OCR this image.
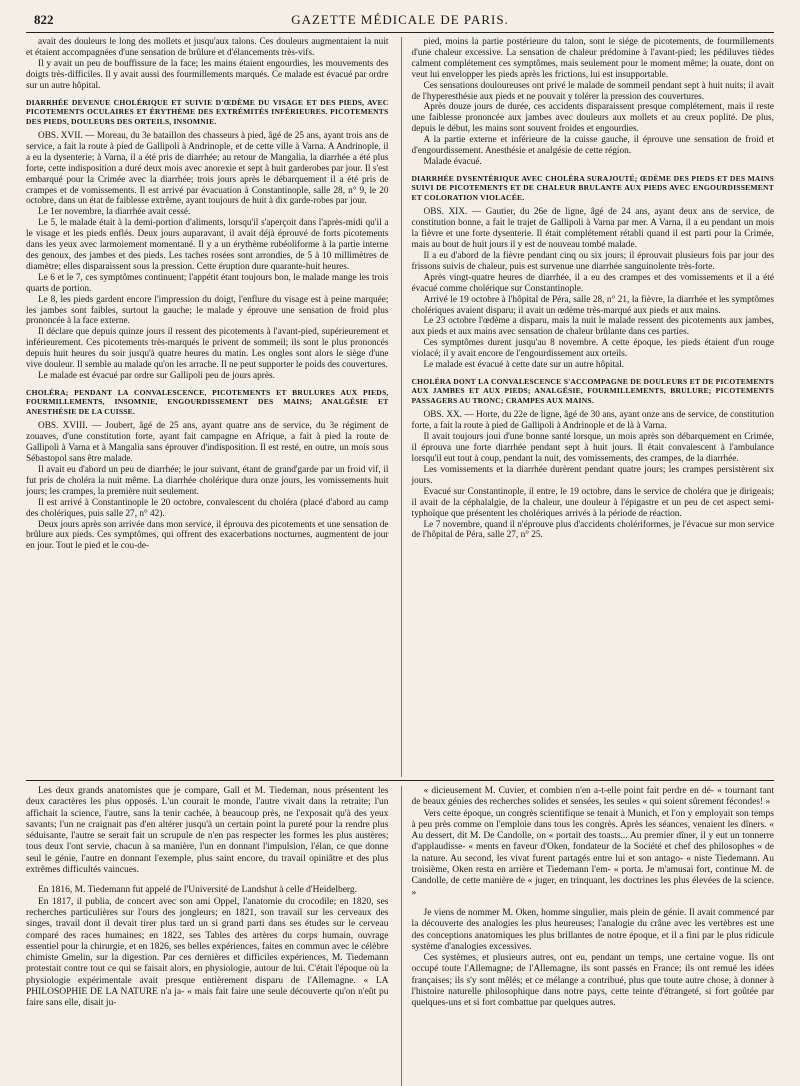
822	GAZETTE MÉDICALE DE PARIS.

avait des douleurs le long des mollets et jusqu'aux talons. Ces douleurs augmentaient la nuit et étaient accompagnées d'une sensation de brûlure et d'élancements très-vifs.

Il y avait un peu de bouffissure de la face; les mains étaient engourdies, les mouvements des doigts très-difficiles. Il y avait aussi des fourmillements marqués. Ce malade est évacué par ordre sur un autre hôpital.

DIARRHÉE DEVENUE CHOLÉRIQUE ET SUIVIE D'ŒDÈME DU VISAGE ET DES PIEDS, AVEC PICOTEMENTS OCULAIRES ET ÉRYTHÈME DES EXTRÉMITÉS INFÉRIEURES. PICOTEMENTS DES PIEDS, DOULEURS DES ORTEILS, INSOMNIE.

OBS. XVII. — Moreau, du 3e bataillon des chasseurs à pied, âgé de 25 ans, ayant trois ans de service, a fait la route à pied de Gallipoli à Andrinople, et de cette ville à Varna. A Andrinople, il a eu la dysenterie; à Varna, il a été pris de diarrhée; au retour de Mangalia, la diarrhée a été plus forte, cette indisposition a duré deux mois avec anorexie et sept à huit garderobes par jour. Il s'est embarqué pour la Crimée avec la diarrhée; trois jours après le débarquement il a été pris de crampes et de vomissements. Il est arrivé par évacuation à Constantinople, salle 28, n° 9, le 20 octobre, dans un état de faiblesse extrême, ayant toujours de huit à dix garde-robes par jour.

Le 1er novembre, la diarrhée avait cessé.

Le 5, le malade était à la demi-portion d'aliments, lorsqu'il s'aperçoit dans l'après-midi qu'il a le visage et les pieds enflés. Deux jours auparavant, il avait déjà éprouvé de forts picotements dans les yeux avec larmoiement momentané. Il y a un érythème rubéoliforme à la partie interne des genoux, des jambes et des pieds. Les taches rosées sont arrondies, de 5 à 10 millimètres de diamètre; elles disparaissent sous la pression. Cette éruption dure quarante-huit heures.

Le 6 et le 7, ces symptômes continuent; l'appétit étant toujours bon, le malade mange les trois quarts de portion.

Le 8, les pieds gardent encore l'impression du doigt, l'enflure du visage est à peine marquée; les jambes sont faibles, surtout la gauche; le malade y éprouve une sensation de froid plus prononcée à la face externe.

Il déclare que depuis quinze jours il ressent des picotements à l'avant-pied, supérieurement et inférieurement. Ces picotements très-marqués le privent de sommeil; ils sont le plus prononcés depuis huit heures du soir jusqu'à quatre heures du matin. Les ongles sont alors le siège d'une vive douleur. Il semble au malade qu'on les arrache. Il ne peut supporter le poids des couvertures.

Le malade est évacué par ordre sur Gallipoli peu de jours après.

CHOLÉRA; PENDANT LA CONVALESCENCE, PICOTEMENTS ET BRULURES AUX PIEDS, FOURMILLEMENTS, INSOMNIE, ENGOURDISSEMENT DES MAINS; ANALGÉSIE ET ANESTHÉSIE DE LA CUISSE.

OBS. XVIII. — Joubert, âgé de 25 ans, ayant quatre ans de service, du 3e régiment de zouaves, d'une constitution forte, ayant fait campagne en Afrique, a fait à pied la route de Gallipoli à Varna et à Mangalia sans éprouver d'indisposition. Il est resté, en outre, un mois sous Sébastopol sans être malade.

Il avait eu d'abord un peu de diarrhée; le jour suivant, étant de grand'garde par un froid vif, il fut pris de choléra la nuit même. La diarrhée cholérique dura onze jours, les vomissements huit jours; les crampes, la première nuit seulement.

Il est arrivé à Constantinople le 20 octobre, convalescent du choléra (placé d'abord au camp des cholériques, puis salle 27, n° 42).

Deux jours après son arrivée dans mon service, il éprouva des picotements et une sensation de brûlure aux pieds. Ces symptômes, qui offrent des exacerbations nocturnes, augmentent de jour en jour. Tout le pied et le cou-de-

pied, moins la partie postérieure du talon, sont le siége de picotements, de fourmillements d'une chaleur excessive. La sensation de chaleur prédomine à l'avant-pied; les pédiluves tièdes calment complétement ces symptômes, mais seulement pour le moment même; la ouate, dont on veut lui envelopper les pieds après les frictions, lui est insupportable.

Ces sensations douloureuses ont privé le malade de sommeil pendant sept à huit nuits; il avait de l'hyperesthésie aux pieds et ne pouvait y tolérer la pression des couvertures.

Après douze jours de durée, ces accidents disparaissent presque complétement, mais il reste une faiblesse prononcée aux jambes avec douleurs aux mollets et au creux poplité. De plus, depuis le début, les mains sont souvent froides et engourdies.

A la partie externe et inférieure de la cuisse gauche, il éprouve une sensation de froid et d'engourdissement. Anesthésie et analgésie de cette région.

Malade évacué.

DIARRHÉE DYSENTÉRIQUE AVEC CHOLÉRA SURAJOUTÉ; ŒDÈME DES PIEDS ET DES MAINS SUIVI DE PICOTEMENTS ET DE CHALEUR BRULANTE AUX PIEDS AVEC ENGOURDISSEMENT ET COLORATION VIOLACÉE.

OBS. XIX. — Gautier, du 26e de ligne, âgé de 24 ans, ayant deux ans de service, de constitution bonne, a fait le trajet de Gallipoli à Varna par mer. A Varna, il a eu pendant un mois la fièvre et une forte dysenterie. Il était complétement rétabli quand il est parti pour la Crimée, mais au bout de huit jours il y est de nouveau tombé malade.

Il a eu d'abord de la fièvre pendant cinq ou six jours; il éprouvait plusieurs fois par jour des frissons suivis de chaleur, puis est survenue une diarrhée sanguinolente très-forte.

Après vingt-quatre heures de diarrhée, il a eu des crampes et des vomissements et il a été évacué comme cholérique sur Constantinople.

Arrivé le 19 octobre à l'hôpital de Péra, salle 28, n° 21, la fièvre, la diarrhée et les symptômes cholériques avaient disparu; il avait un œdème très-marqué aux pieds et aux mains.

Le 23 octobre l'œdème a disparu, mais la nuit le malade ressent des picotements aux jambes, aux pieds et aux mains avec sensation de chaleur brûlante dans ces parties.

Ces symptômes durent jusqu'au 8 novembre. A cette époque, les pieds étaient d'un rouge violacé; il y avait encore de l'engourdissement aux orteils.

Le malade est évacué à cette date sur un autre hôpital.

CHOLÉRA DONT LA CONVALESCENCE S'ACCOMPAGNE DE DOULEURS ET DE PICOTEMENTS AUX JAMBES ET AUX PIEDS; ANALGÉSIE, FOURMILLEMENTS, BRULURE; PICOTEMENTS PASSAGERS AU TRONC; CRAMPES AUX MAINS.

OBS. XX. — Horte, du 22e de ligne, âgé de 30 ans, ayant onze ans de service, de constitution forte, a fait la route à pied de Gallipoli à Andrinople et de là à Varna.

Il avait toujours joui d'une bonne santé lorsque, un mois après son débarquement en Crimée, il éprouva une forte diarrhée pendant sept à huit jours. Il était convalescent à l'ambulance lorsqu'il eut tout à coup, pendant la nuit, des vomissements, des crampes, de la diarrhée.

Les vomissements et la diarrhée durèrent pendant quatre jours; les crampes persistèrent six jours.

Evacué sur Constantinople, il entre, le 19 octobre, dans le service de choléra que je dirigeais; il avait de la céphalalgie, de la chaleur, une douleur à l'épigastre et un peu de cet aspect semi-typhoïque que présentent les cholériques arrivés à la période de réaction.

Le 7 novembre, quand il n'éprouve plus d'accidents cholériformes, je l'évacue sur mon service de l'hôpital de Péra, salle 27, n° 25.

Les deux grands anatomistes que je compare, Gall et M. Tiedeman, nous présentent les deux caractères les plus opposés. L'un courait le monde, l'autre vivait dans la retraite; l'un affichait la science, l'autre, sans la tenir cachée, à beaucoup près, ne l'exposait qu'à des yeux savants; l'un ne craignait pas d'en altérer jusqu'à un certain point la pureté pour la rendre plus séduisante, l'autre se serait fait un scrupule de n'en pas respecter les formes les plus austères; tous deux l'ont servie, chacun à sa manière, l'un en donnant l'impulsion, l'élan, ce que donne seul le génie, l'autre en donnant l'exemple, plus saint encore, du travail opiniâtre et des plus extrêmes difficultés vaincues.

En 1816, M. Tiedemann fut appelé de l'Université de Landshut à celle d'Heidelberg.

En 1817, il publia, de concert avec son ami Oppel, l'anatomie du crocodile; en 1820, ses recherches particulières sur l'ours des jongleurs; en 1821, son travail sur les cerveaux des singes, travail dont il devait tirer plus tard un si grand parti dans ses études sur le cerveau comparé des races humaines; en 1822, ses Tables des artères du corps humain, ouvrage essentiel pour la chirurgie, et en 1826, ses belles expériences, faites en commun avec le célèbre chimiste Gmelin, sur la digestion. Par ces dernières et difficiles expériences, M. Tiedemann protestait contre tout ce qui se faisait alors, en physiologie, autour de lui. C'était l'époque où la physiologie expérimentale avait presque entièrement disparu de l'Allemagne. « LA PHILOSOPHIE DE LA NATURE n'a ja- « mais fait faire une seule découverte qu'on n'eût pu faire sans elle, disait ju-

« dicieusement M. Cuvier, et combien n'en a-t-elle point fait perdre en dé- « tournant tant de beaux génies des recherches solides et sensées, les seules « qui soient sûrement fécondes! »

Vers cette époque, un congrès scientifique se tenait à Munich, et l'on y employait son temps à peu près comme on l'emploie dans tous les congrès. Après les séances, venaient les dîners. « Au dessert, dit M. De Candolle, on « portait des toasts... Au premier dîner, il y eut un tonnerre d'applaudisse- « ments en faveur d'Oken, fondateur de la Société et chef des philosophes « de la nature. Au second, les vivat furent partagés entre lui et son antago- « niste Tiedemann. Au troisième, Oken resta en arrière et Tiedemann l'em- « porta. Je m'amusai fort, continue M. de Candolle, de cette manière de « juger, en trinquant, les doctrines les plus élevées de la science. »

Je viens de nommer M. Oken, homme singulier, mais plein de génie. Il avait commencé par la découverte des analogies les plus heureuses; l'analogie du crâne avec les vertèbres est une des conceptions anatomiques les plus brillantes de notre époque, et il a fini par le plus ridicule système d'analogies excessives.

Ces systèmes, et plusieurs autres, ont eu, pendant un temps, une certaine vogue. Ils ont occupé toute l'Allemagne; de l'Allemagne, ils sont passés en France; ils ont remué les idées françaises; ils s'y sont mêlés; et ce mélange a contribué, plus que toute autre chose, à donner à l'histoire naturelle philosophique dans notre pays, cette teinte d'étrangeté, si fort goûtée par quelques-uns et si fort combattue par quelques autres.
